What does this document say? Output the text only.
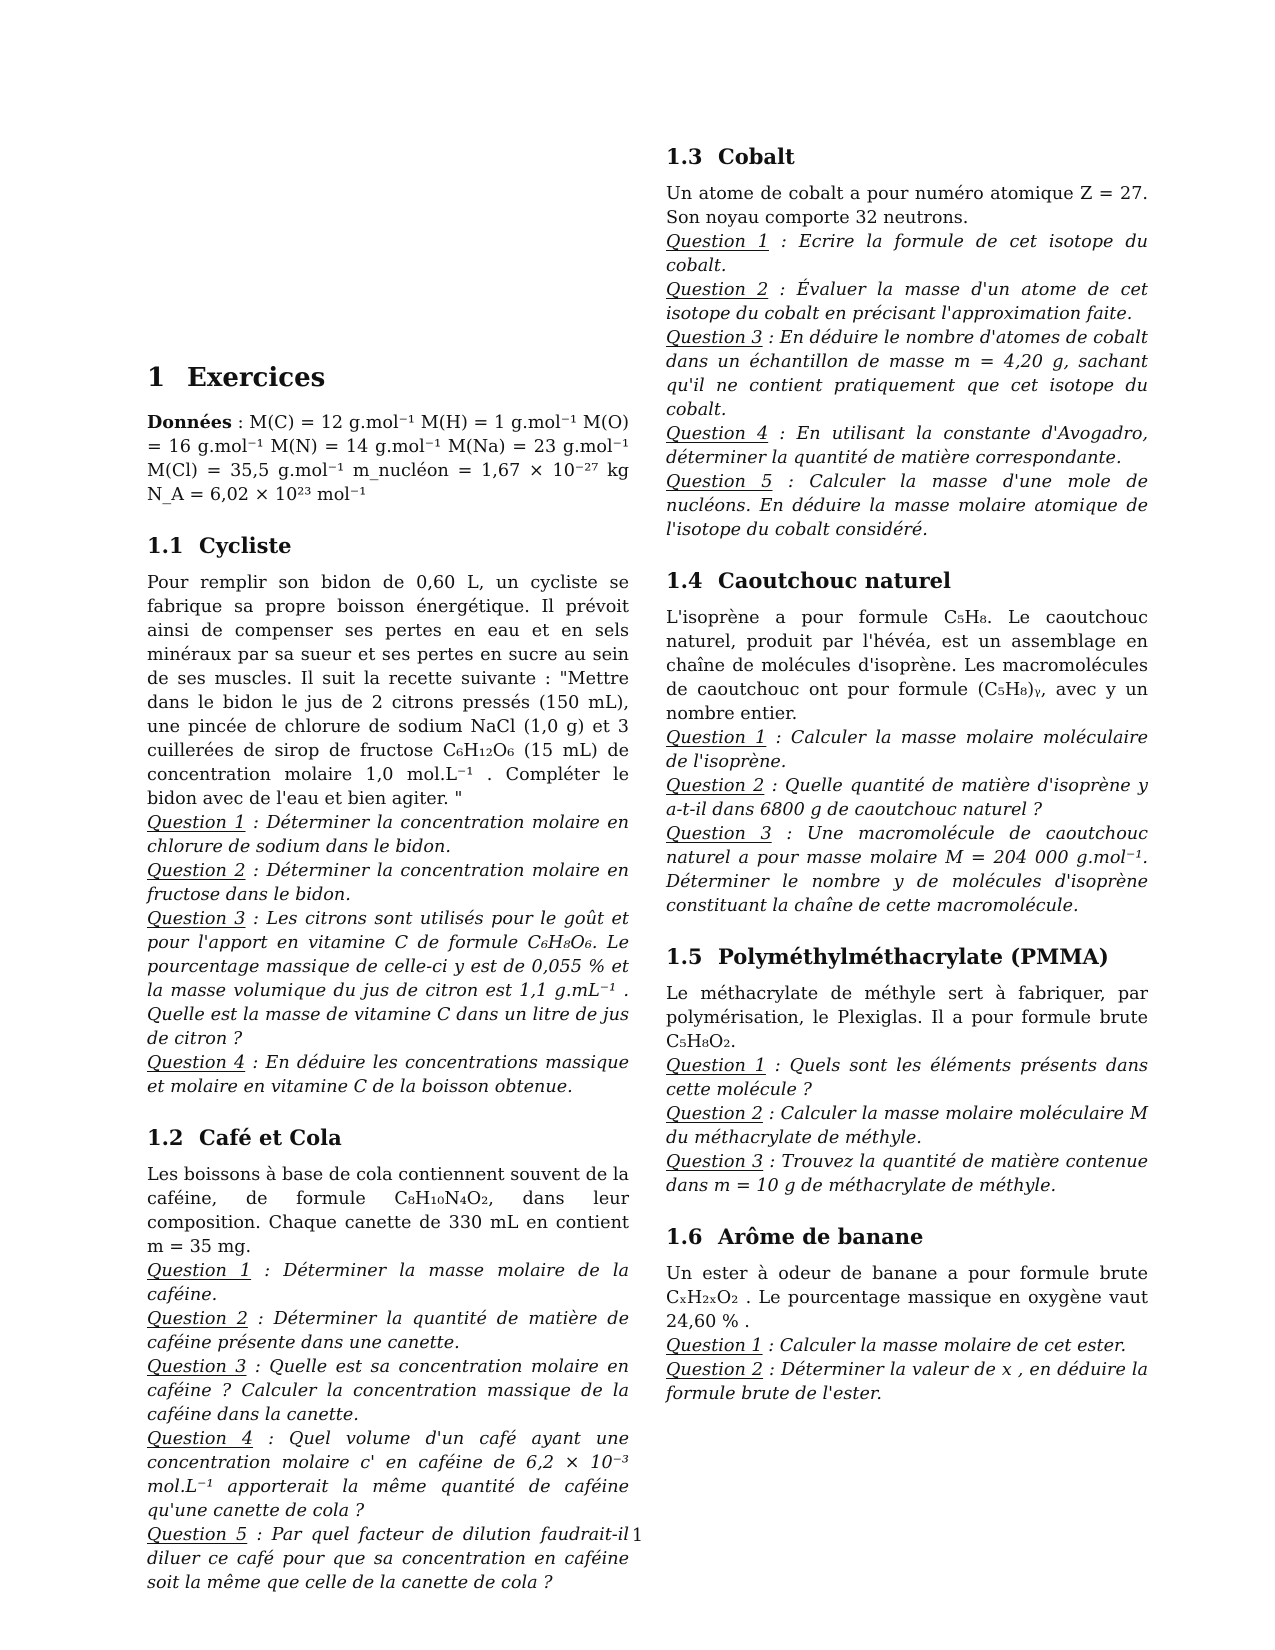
1 Exercices

Données : M(C) = 12 g.mol⁻¹ M(H) = 1 g.mol⁻¹ M(O) = 16 g.mol⁻¹ M(N) = 14 g.mol⁻¹ M(Na) = 23 g.mol⁻¹ M(Cl) = 35,5 g.mol⁻¹ m_nucléon = 1,67 × 10⁻²⁷ kg N_A = 6,02 × 10²³ mol⁻¹

1.1 Cycliste

Pour remplir son bidon de 0,60 L, un cycliste se fabrique sa propre boisson énergétique. Il prévoit ainsi de compenser ses pertes en eau et en sels minéraux par sa sueur et ses pertes en sucre au sein de ses muscles. Il suit la recette suivante : "Mettre dans le bidon le jus de 2 citrons pressés (150 mL), une pincée de chlorure de sodium NaCl (1,0 g) et 3 cuillerées de sirop de fructose C₆H₁₂O₆ (15 mL) de concentration molaire 1,0 mol.L⁻¹ . Compléter le bidon avec de l'eau et bien agiter. "

Question 1 : Déterminer la concentration molaire en chlorure de sodium dans le bidon.

Question 2 : Déterminer la concentration molaire en fructose dans le bidon.

Question 3 : Les citrons sont utilisés pour le goût et pour l'apport en vitamine C de formule C₆H₈O₆. Le pourcentage massique de celle-ci y est de 0,055 % et la masse volumique du jus de citron est 1,1 g.mL⁻¹ . Quelle est la masse de vitamine C dans un litre de jus de citron ?

Question 4 : En déduire les concentrations massique et molaire en vitamine C de la boisson obtenue.

1.2 Café et Cola

Les boissons à base de cola contiennent souvent de la caféine, de formule C₈H₁₀N₄O₂, dans leur composition. Chaque canette de 330 mL en contient m = 35 mg.

Question 1 : Déterminer la masse molaire de la caféine.

Question 2 : Déterminer la quantité de matière de caféine présente dans une canette.

Question 3 : Quelle est sa concentration molaire en caféine ? Calculer la concentration massique de la caféine dans la canette.

Question 4 : Quel volume d'un café ayant une concentration molaire c' en caféine de 6,2 × 10⁻³ mol.L⁻¹ apporterait la même quantité de caféine qu'une canette de cola ?

Question 5 : Par quel facteur de dilution faudrait-il diluer ce café pour que sa concentration en caféine soit la même que celle de la canette de cola ?

1.3 Cobalt

Un atome de cobalt a pour numéro atomique Z = 27. Son noyau comporte 32 neutrons.

Question 1 : Ecrire la formule de cet isotope du cobalt.

Question 2 : Évaluer la masse d'un atome de cet isotope du cobalt en précisant l'approximation faite.

Question 3 : En déduire le nombre d'atomes de cobalt dans un échantillon de masse m = 4,20 g, sachant qu'il ne contient pratiquement que cet isotope du cobalt.

Question 4 : En utilisant la constante d'Avogadro, déterminer la quantité de matière correspondante.

Question 5 : Calculer la masse d'une mole de nucléons. En déduire la masse molaire atomique de l'isotope du cobalt considéré.

1.4 Caoutchouc naturel

L'isoprène a pour formule C₅H₈. Le caoutchouc naturel, produit par l'hévéa, est un assemblage en chaîne de molécules d'isoprène. Les macromolécules de caoutchouc ont pour formule (C₅H₈)ᵧ, avec y un nombre entier.

Question 1 : Calculer la masse molaire moléculaire de l'isoprène.

Question 2 : Quelle quantité de matière d'isoprène y a-t-il dans 6800 g de caoutchouc naturel ?

Question 3 : Une macromolécule de caoutchouc naturel a pour masse molaire M = 204 000 g.mol⁻¹. Déterminer le nombre y de molécules d'isoprène constituant la chaîne de cette macromolécule.

1.5 Polyméthylméthacrylate (PMMA)

Le méthacrylate de méthyle sert à fabriquer, par polymérisation, le Plexiglas. Il a pour formule brute C₅H₈O₂.

Question 1 : Quels sont les éléments présents dans cette molécule ?

Question 2 : Calculer la masse molaire moléculaire M du méthacrylate de méthyle.

Question 3 : Trouvez la quantité de matière contenue dans m = 10 g de méthacrylate de méthyle.

1.6 Arôme de banane

Un ester à odeur de banane a pour formule brute CₓH₂ₓO₂ . Le pourcentage massique en oxygène vaut 24,60 % .

Question 1 : Calculer la masse molaire de cet ester.

Question 2 : Déterminer la valeur de x , en déduire la formule brute de l'ester.

1
